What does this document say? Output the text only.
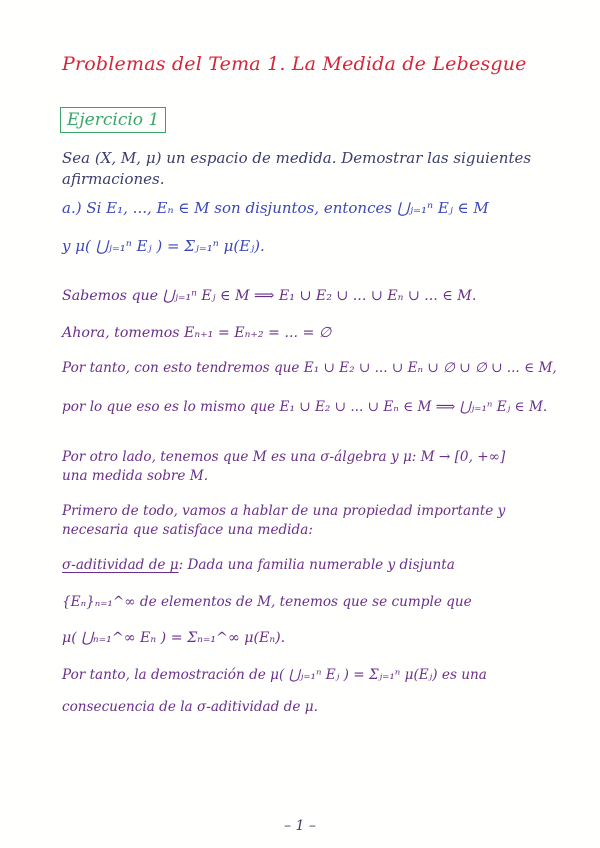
Problemas del Tema 1. La Medida de Lebesgue
Ejercicio 1
Sea (X, M, μ) un espacio de medida. Demostrar las siguientes
afirmaciones.
a.) Si E₁, ..., Eₙ ∈ M son disjuntos, entonces ⋃ⱼ₌₁ⁿ Eⱼ ∈ M
y μ( ⋃ⱼ₌₁ⁿ Eⱼ ) = Σⱼ₌₁ⁿ μ(Eⱼ).
Sabemos que ⋃ⱼ₌₁ⁿ Eⱼ ∈ M ⟹ E₁ ∪ E₂ ∪ ... ∪ Eₙ ∪ ... ∈ M.
Ahora, tomemos Eₙ₊₁ = Eₙ₊₂ = ... = ∅
Por tanto, con esto tendremos que E₁ ∪ E₂ ∪ ... ∪ Eₙ ∪ ∅ ∪ ∅ ∪ ... ∈ M,
por lo que eso es lo mismo que E₁ ∪ E₂ ∪ ... ∪ Eₙ ∈ M ⟹ ⋃ⱼ₌₁ⁿ Eⱼ ∈ M.
Por otro lado, tenemos que M es una σ-álgebra y μ: M → [0, +∞]
una medida sobre M.
Primero de todo, vamos a hablar de una propiedad importante y
necesaria que satisface una medida:
σ-aditividad de μ: Dada una familia numerable y disjunta
{Eₙ}ₙ₌₁^∞ de elementos de M, tenemos que se cumple que
μ( ⋃ₙ₌₁^∞ Eₙ ) = Σₙ₌₁^∞ μ(Eₙ).
Por tanto, la demostración de μ( ⋃ⱼ₌₁ⁿ Eⱼ ) = Σⱼ₌₁ⁿ μ(Eⱼ) es una
consecuencia de la σ-aditividad de μ.
– 1 –
